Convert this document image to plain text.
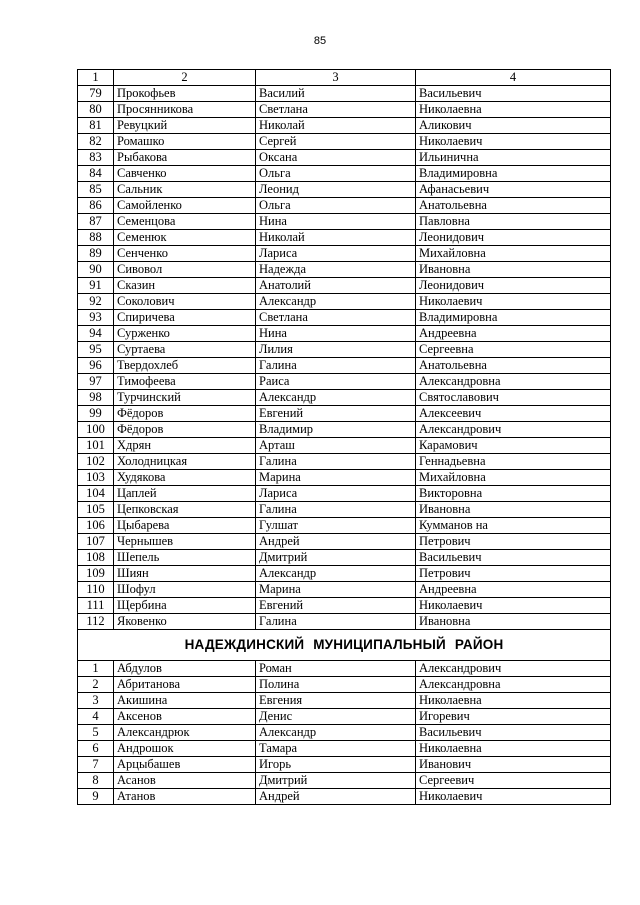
85
1	2	3	4
79	Прокофьев	Василий	Васильевич
80	Просянникова	Светлана	Николаевна
81	Ревуцкий	Николай	Аликович
82	Ромашко	Сергей	Николаевич
83	Рыбакова	Оксана	Ильинична
84	Савченко	Ольга	Владимировна
85	Сальник	Леонид	Афанасьевич
86	Самойленко	Ольга	Анатольевна
87	Семенцова	Нина	Павловна
88	Семенюк	Николай	Леонидович
89	Сенченко	Лариса	Михайловна
90	Сивовол	Надежда	Ивановна
91	Сказин	Анатолий	Леонидович
92	Соколович	Александр	Николаевич
93	Спиричева	Светлана	Владимировна
94	Сурженко	Нина	Андреевна
95	Суртаева	Лилия	Сергеевна
96	Твердохлеб	Галина	Анатольевна
97	Тимофеева	Раиса	Александровна
98	Турчинский	Александр	Святославович
99	Фёдоров	Евгений	Алексеевич
100	Фёдоров	Владимир	Александрович
101	Хдрян	Арташ	Карамович
102	Холодницкая	Галина	Геннадьевна
103	Худякова	Марина	Михайловна
104	Цаплей	Лариса	Викторовна
105	Цепковская	Галина	Ивановна
106	Цыбарева	Гулшат	Кумманов на
107	Чернышев	Андрей	Петрович
108	Шепель	Дмитрий	Васильевич
109	Шиян	Александр	Петрович
110	Шофул	Марина	Андреевна
111	Щербина	Евгений	Николаевич
112	Яковенко	Галина	Ивановна
НАДЕЖДИНСКИЙ МУНИЦИПАЛЬНЫЙ РАЙОН			
1	Абдулов	Роман	Александрович
2	Абританова	Полина	Александровна
3	Акишина	Евгения	Николаевна
4	Аксенов	Денис	Игоревич
5	Александрюк	Александр	Васильевич
6	Андрошок	Тамара	Николаевна
7	Арцыбашев	Игорь	Иванович
8	Асанов	Дмитрий	Сергеевич
9	Атанов	Андрей	Николаевич
